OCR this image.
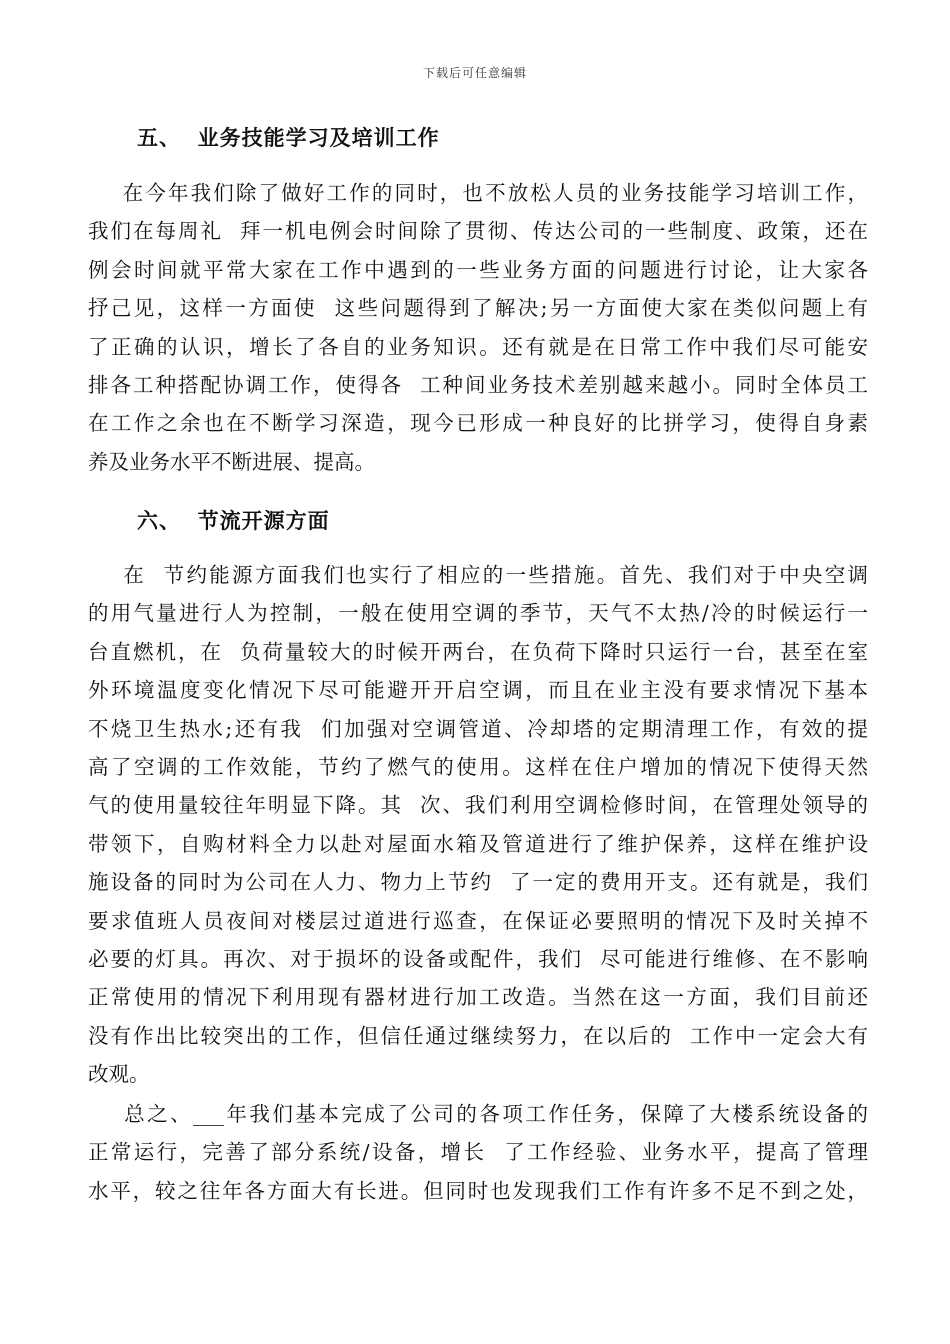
下载后可任意编辑
五、  业务技能学习及培训工作
在今年我们除了做好工作的同时，也不放松人员的业务技能学习培训工作，
我们在每周礼  拜一机电例会时间除了贯彻、传达公司的一些制度、政策，还在
例会时间就平常大家在工作中遇到的一些业务方面的问题进行讨论，让大家各
抒己见，这样一方面使  这些问题得到了解决;另一方面使大家在类似问题上有
了正确的认识，增长了各自的业务知识。还有就是在日常工作中我们尽可能安
排各工种搭配协调工作，使得各  工种间业务技术差别越来越小。同时全体员工
在工作之余也在不断学习深造，现今已形成一种良好的比拼学习，使得自身素
养及业务水平不断进展、提高。
六、  节流开源方面
在  节约能源方面我们也实行了相应的一些措施。首先、我们对于中央空调
的用气量进行人为控制，一般在使用空调的季节，天气不太热/冷的时候运行一
台直燃机，在  负荷量较大的时候开两台，在负荷下降时只运行一台，甚至在室
外环境温度变化情况下尽可能避开开启空调，而且在业主没有要求情况下基本
不烧卫生热水;还有我  们加强对空调管道、冷却塔的定期清理工作，有效的提
高了空调的工作效能，节约了燃气的使用。这样在住户增加的情况下使得天然
气的使用量较往年明显下降。其  次、我们利用空调检修时间，在管理处领导的
带领下，自购材料全力以赴对屋面水箱及管道进行了维护保养，这样在维护设
施设备的同时为公司在人力、物力上节约  了一定的费用开支。还有就是，我们
要求值班人员夜间对楼层过道进行巡查，在保证必要照明的情况下及时关掉不
必要的灯具。再次、对于损坏的设备或配件，我们  尽可能进行维修、在不影响
正常使用的情况下利用现有器材进行加工改造。当然在这一方面，我们目前还
没有作出比较突出的工作，但信任通过继续努力，在以后的  工作中一定会大有
改观。
总之、___年我们基本完成了公司的各项工作任务，保障了大楼系统设备的
正常运行，完善了部分系统/设备，增长  了工作经验、业务水平，提高了管理
水平，较之往年各方面大有长进。但同时也发现我们工作有许多不足不到之处，
